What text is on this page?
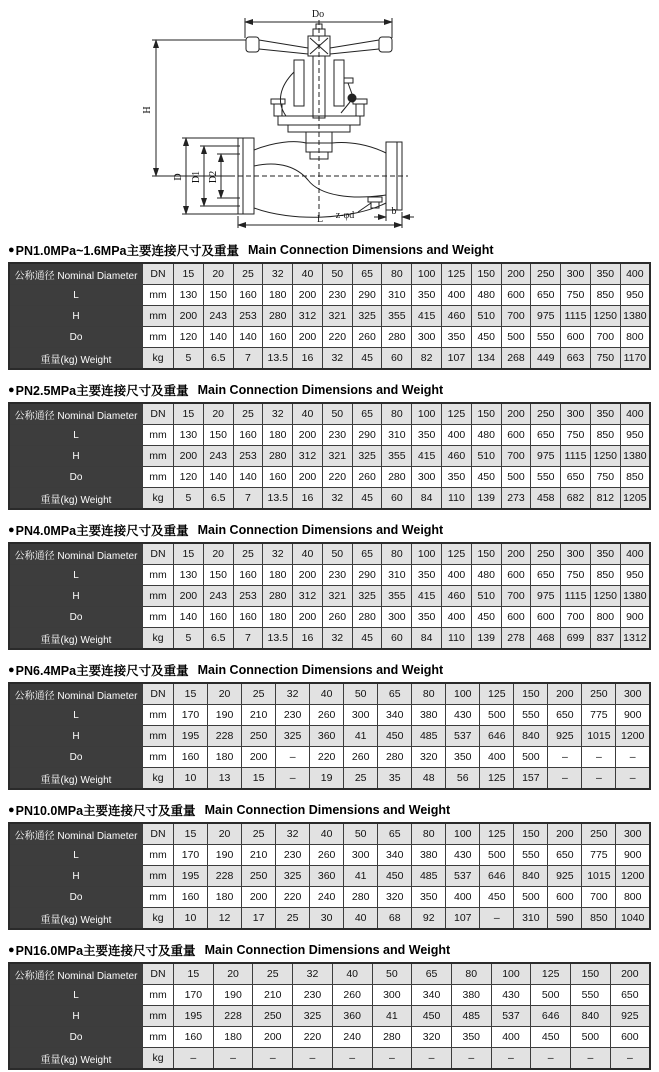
Do
H
D D1 D2
L
b
z-φd
● PN1.0MPa~1.6MPa主要连接尺寸及重量 Main Connection Dimensions and Weight
公称通径 Nominal Diameter	DN	15	20	25	32	40	50	65	80	100	125	150	200	250	300	350	400
L	mm	130	150	160	180	200	230	290	310	350	400	480	600	650	750	850	950
H	mm	200	243	253	280	312	321	325	355	415	460	510	700	975	1115	1250	1380
Do	mm	120	140	140	160	200	220	260	280	300	350	450	500	550	600	700	800
重量(kg) Weight	kg	5	6.5	7	13.5	16	32	45	60	82	107	134	268	449	663	750	1170
● PN2.5MPa主要连接尺寸及重量 Main Connection Dimensions and Weight
公称通径 Nominal Diameter	DN	15	20	25	32	40	50	65	80	100	125	150	200	250	300	350	400
L	mm	130	150	160	180	200	230	290	310	350	400	480	600	650	750	850	950
H	mm	200	243	253	280	312	321	325	355	415	460	510	700	975	1115	1250	1380
Do	mm	120	140	140	160	200	220	260	280	300	350	450	500	550	650	750	850
重量(kg) Weight	kg	5	6.5	7	13.5	16	32	45	60	84	110	139	273	458	682	812	1205
● PN4.0MPa主要连接尺寸及重量 Main Connection Dimensions and Weight
公称通径 Nominal Diameter	DN	15	20	25	32	40	50	65	80	100	125	150	200	250	300	350	400
L	mm	130	150	160	180	200	230	290	310	350	400	480	600	650	750	850	950
H	mm	200	243	253	280	312	321	325	355	415	460	510	700	975	1115	1250	1380
Do	mm	140	160	160	180	200	260	280	300	350	400	450	600	600	700	800	900
重量(kg) Weight	kg	5	6.5	7	13.5	16	32	45	60	84	110	139	278	468	699	837	1312
● PN6.4MPa主要连接尺寸及重量 Main Connection Dimensions and Weight
公称通径 Nominal Diameter	DN	15	20	25	32	40	50	65	80	100	125	150	200	250	300
L	mm	170	190	210	230	260	300	340	380	430	500	550	650	775	900
H	mm	195	228	250	325	360	41	450	485	537	646	840	925	1015	1200
Do	mm	160	180	200	–	220	260	280	320	350	400	500	–	–	–
重量(kg) Weight	kg	10	13	15	–	19	25	35	48	56	125	157	–	–	–
● PN10.0MPa主要连接尺寸及重量 Main Connection Dimensions and Weight
公称通径 Nominal Diameter	DN	15	20	25	32	40	50	65	80	100	125	150	200	250	300
L	mm	170	190	210	230	260	300	340	380	430	500	550	650	775	900
H	mm	195	228	250	325	360	41	450	485	537	646	840	925	1015	1200
Do	mm	160	180	200	220	240	280	320	350	400	450	500	600	700	800
重量(kg) Weight	kg	10	12	17	25	30	40	68	92	107	–	310	590	850	1040
● PN16.0MPa主要连接尺寸及重量 Main Connection Dimensions and Weight
公称通径 Nominal Diameter	DN	15	20	25	32	40	50	65	80	100	125	150	200
L	mm	170	190	210	230	260	300	340	380	430	500	550	650
H	mm	195	228	250	325	360	41	450	485	537	646	840	925
Do	mm	160	180	200	220	240	280	320	350	400	450	500	600
重量(kg) Weight	kg	–	–	–	–	–	–	–	–	–	–	–	–
